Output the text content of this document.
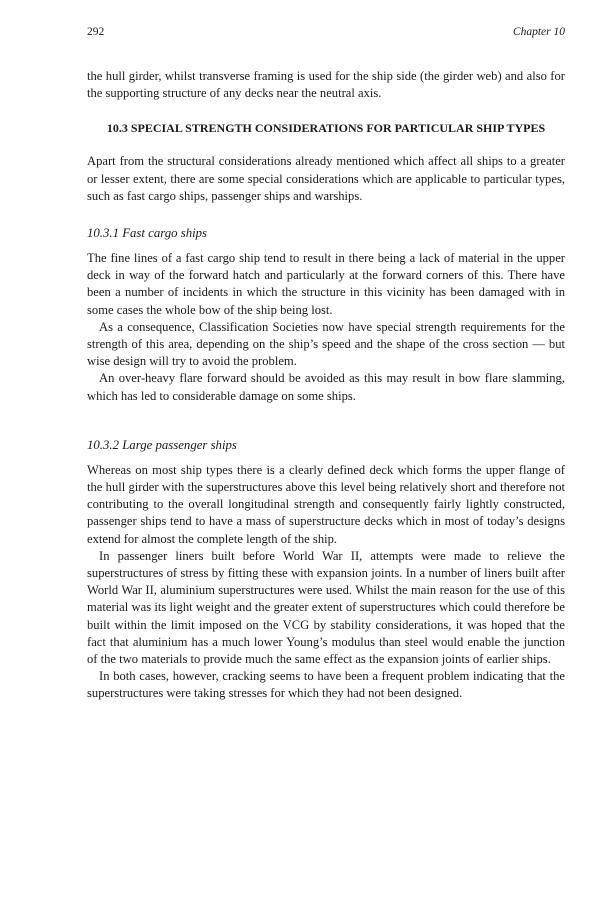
292	Chapter 10

the hull girder, whilst transverse framing is used for the ship side (the girder web) and also for the supporting structure of any decks near the neutral axis.

10.3 SPECIAL STRENGTH CONSIDERATIONS FOR PARTICULAR SHIP TYPES

Apart from the structural considerations already mentioned which affect all ships to a greater or lesser extent, there are some special considerations which are applicable to particular types, such as fast cargo ships, passenger ships and warships.

10.3.1 Fast cargo ships

The fine lines of a fast cargo ship tend to result in there being a lack of material in the upper deck in way of the forward hatch and particularly at the forward corners of this. There have been a number of incidents in which the structure in this vicinity has been damaged with in some cases the whole bow of the ship being lost.

As a consequence, Classification Societies now have special strength requirements for the strength of this area, depending on the ship’s speed and the shape of the cross section — but wise design will try to avoid the problem.

An over-heavy flare forward should be avoided as this may result in bow flare slamming, which has led to considerable damage on some ships.

10.3.2 Large passenger ships

Whereas on most ship types there is a clearly defined deck which forms the upper flange of the hull girder with the superstructures above this level being relatively short and therefore not contributing to the overall longitudinal strength and consequently fairly lightly constructed, passenger ships tend to have a mass of superstructure decks which in most of today’s designs extend for almost the complete length of the ship.

In passenger liners built before World War II, attempts were made to relieve the superstructures of stress by fitting these with expansion joints. In a number of liners built after World War II, aluminium superstructures were used. Whilst the main reason for the use of this material was its light weight and the greater extent of superstructures which could therefore be built within the limit imposed on the VCG by stability considerations, it was hoped that the fact that aluminium has a much lower Young’s modulus than steel would enable the junction of the two materials to provide much the same effect as the expansion joints of earlier ships.

In both cases, however, cracking seems to have been a frequent problem indicating that the superstructures were taking stresses for which they had not been designed.
